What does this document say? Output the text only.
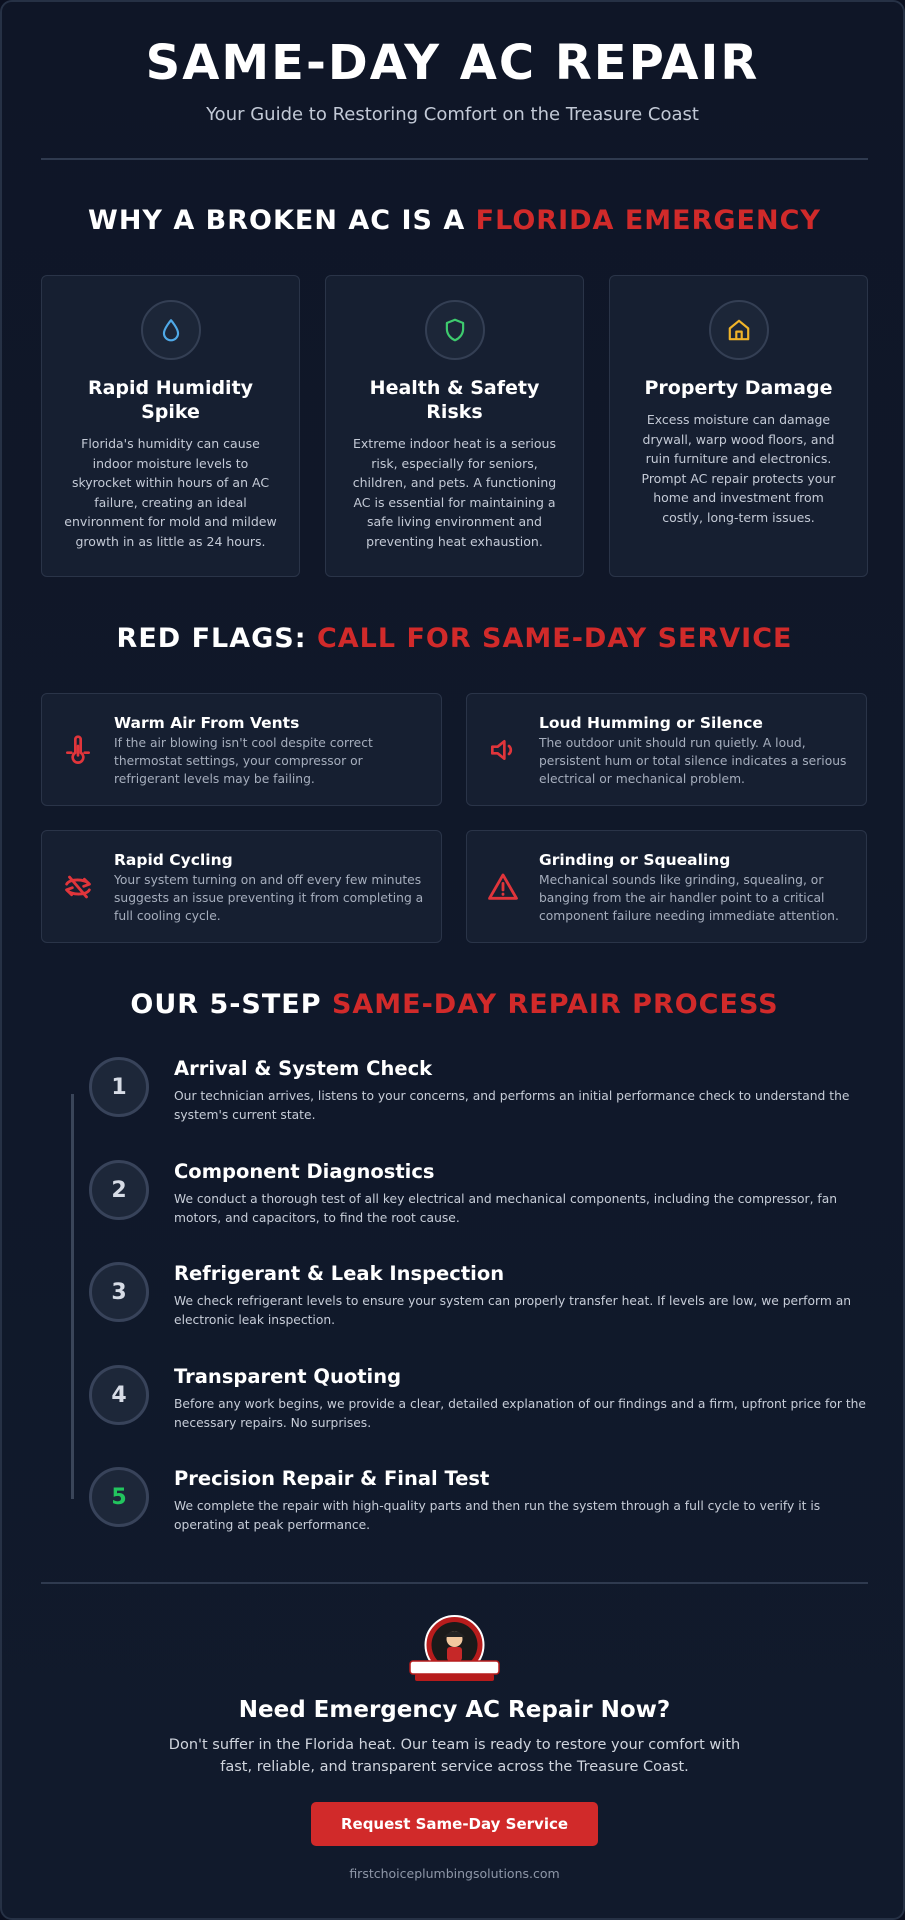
SAME-DAY AC REPAIR
Your Guide to Restoring Comfort on the Treasure Coast
WHY A BROKEN AC IS A FLORIDA EMERGENCY
Rapid Humidity Spike
Florida's humidity can cause indoor moisture levels to skyrocket within hours of an AC failure, creating an ideal environment for mold and mildew growth in as little as 24 hours.
Health & Safety Risks
Extreme indoor heat is a serious risk, especially for seniors, children, and pets. A functioning AC is essential for maintaining a safe living environment and preventing heat exhaustion.
Property Damage
Excess moisture can damage drywall, warp wood floors, and ruin furniture and electronics. Prompt AC repair protects your home and investment from costly, long-term issues.
RED FLAGS: CALL FOR SAME-DAY SERVICE
Warm Air From Vents
If the air blowing isn't cool despite correct thermostat settings, your compressor or refrigerant levels may be failing.
Loud Humming or Silence
The outdoor unit should run quietly. A loud, persistent hum or total silence indicates a serious electrical or mechanical problem.
Rapid Cycling
Your system turning on and off every few minutes suggests an issue preventing it from completing a full cooling cycle.
Grinding or Squealing
Mechanical sounds like grinding, squealing, or banging from the air handler point to a critical component failure needing immediate attention.
OUR 5-STEP SAME-DAY REPAIR PROCESS
1
Arrival & System Check
Our technician arrives, listens to your concerns, and performs an initial performance check to understand the system's current state.
2
Component Diagnostics
We conduct a thorough test of all key electrical and mechanical components, including the compressor, fan motors, and capacitors, to find the root cause.
3
Refrigerant & Leak Inspection
We check refrigerant levels to ensure your system can properly transfer heat. If levels are low, we perform an electronic leak inspection.
4
Transparent Quoting
Before any work begins, we provide a clear, detailed explanation of our findings and a firm, upfront price for the necessary repairs. No surprises.
5
Precision Repair & Final Test
We complete the repair with high-quality parts and then run the system through a full cycle to verify it is operating at peak performance.
Need Emergency AC Repair Now?
Don't suffer in the Florida heat. Our team is ready to restore your comfort with fast, reliable, and transparent service across the Treasure Coast.
Request Same-Day Service
firstchoiceplumbingsolutions.com
